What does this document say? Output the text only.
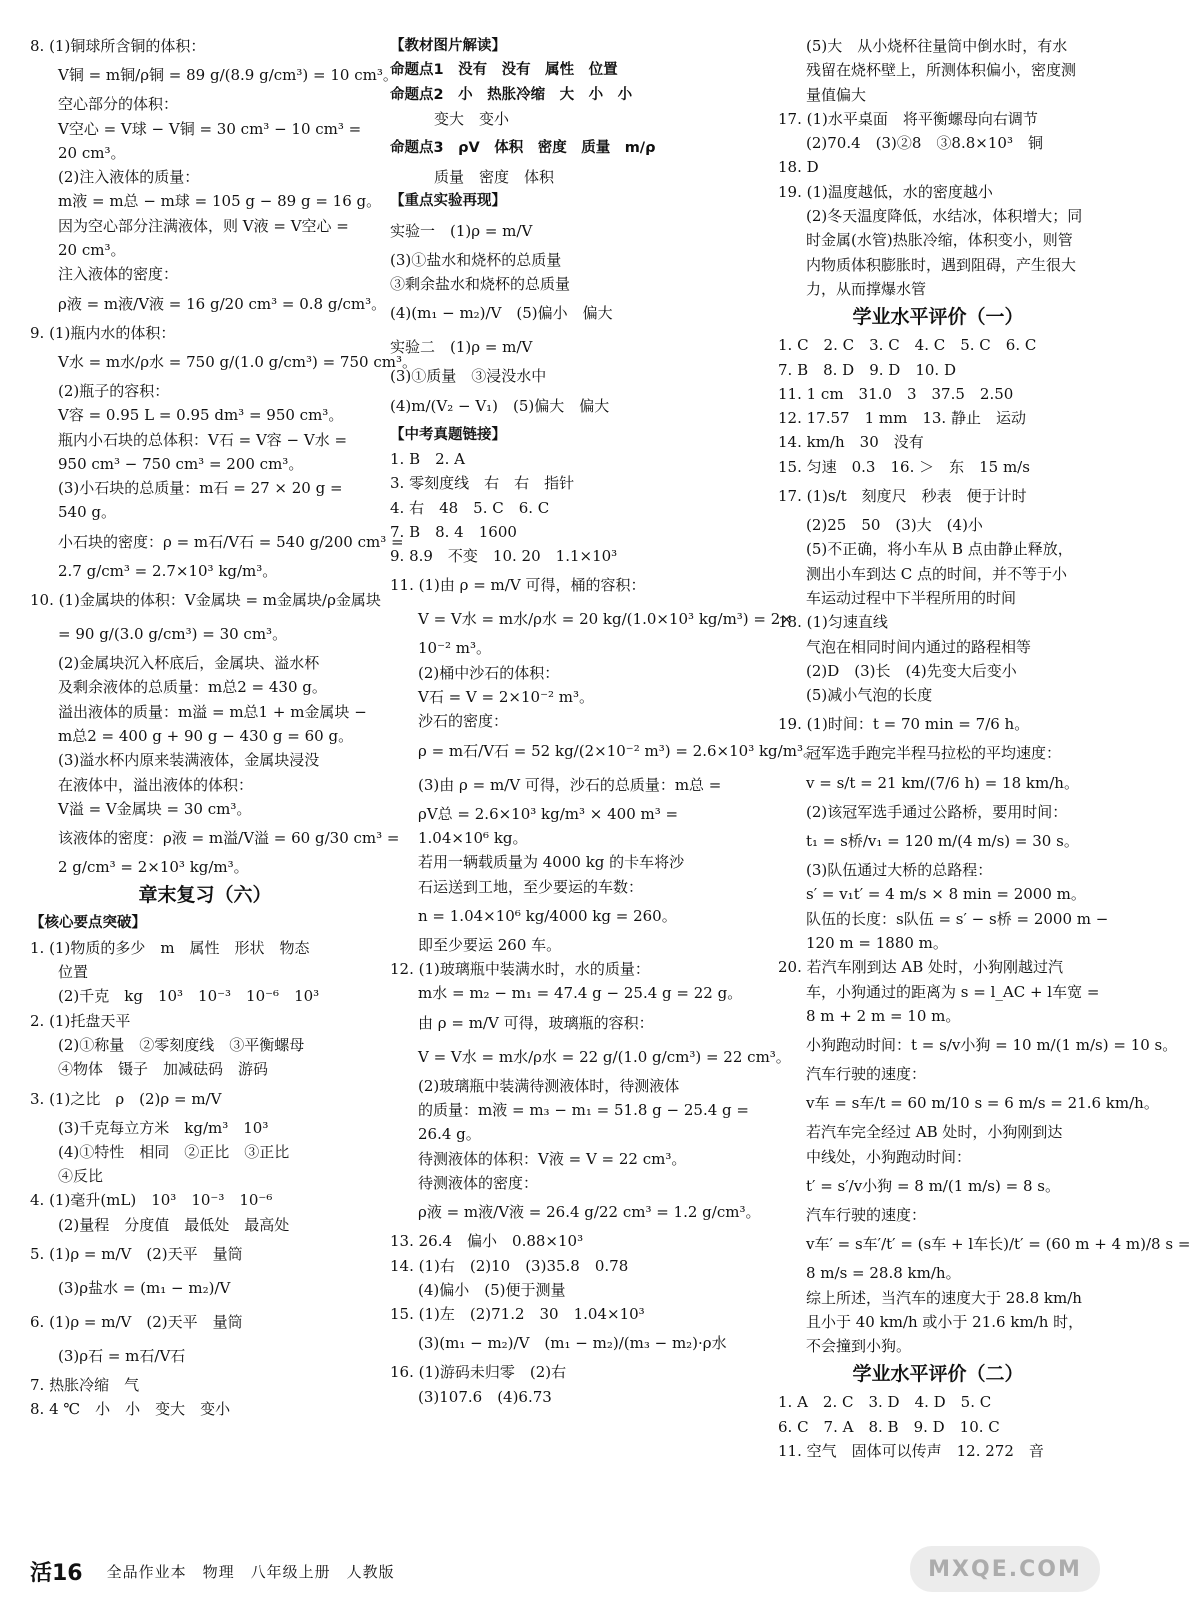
8. (1)铜球所含铜的体积：
V铜 = m铜/ρ铜 = 89 g/(8.9 g/cm³) = 10 cm³。
空心部分的体积：
V空心 = V球 − V铜 = 30 cm³ − 10 cm³ =
20 cm³。
(2)注入液体的质量：
m液 = m总 − m球 = 105 g − 89 g = 16 g。
因为空心部分注满液体，则 V液 = V空心 =
20 cm³。
注入液体的密度：
ρ液 = m液/V液 = 16 g/20 cm³ = 0.8 g/cm³。
9. (1)瓶内水的体积：
V水 = m水/ρ水 = 750 g/(1.0 g/cm³) = 750 cm³。
(2)瓶子的容积：
V容 = 0.95 L = 0.95 dm³ = 950 cm³。
瓶内小石块的总体积：V石 = V容 − V水 =
950 cm³ − 750 cm³ = 200 cm³。
(3)小石块的总质量：m石 = 27 × 20 g =
540 g。
小石块的密度：ρ = m石/V石 = 540 g/200 cm³ =
2.7 g/cm³ = 2.7×10³ kg/m³。
10. (1)金属块的体积：V金属块 = m金属块/ρ金属块
= 90 g/(3.0 g/cm³) = 30 cm³。
(2)金属块沉入杯底后，金属块、溢水杯
及剩余液体的总质量：m总2 = 430 g。
溢出液体的质量：m溢 = m总1 + m金属块 −
m总2 = 400 g + 90 g − 430 g = 60 g。
(3)溢水杯内原来装满液体，金属块浸没
在液体中，溢出液体的体积：
V溢 = V金属块 = 30 cm³。
该液体的密度：ρ液 = m溢/V溢 = 60 g/30 cm³ =
2 g/cm³ = 2×10³ kg/m³。
章末复习（六）
【核心要点突破】
1. (1)物质的多少　m　属性　形状　物态
位置
(2)千克　kg　10³　10⁻³　10⁻⁶　10³
2. (1)托盘天平
(2)①称量　②零刻度线　③平衡螺母
④物体　镊子　加减砝码　游码
3. (1)之比　ρ　(2)ρ = m/V
(3)千克每立方米　kg/m³　10³
(4)①特性　相同　②正比　③正比
④反比
4. (1)毫升(mL)　10³　10⁻³　10⁻⁶
(2)量程　分度值　最低处　最高处
5. (1)ρ = m/V　(2)天平　量筒
(3)ρ盐水 = (m₁ − m₂)/V
6. (1)ρ = m/V　(2)天平　量筒
(3)ρ石 = m石/V石
7. 热胀冷缩　气
8. 4 ℃　小　小　变大　变小
【教材图片解读】
命题点1　没有　没有　属性　位置
命题点2　小　热胀冷缩　大　小　小
变大　变小
命题点3　ρV　体积　密度　质量　m/ρ
质量　密度　体积
【重点实验再现】
实验一　(1)ρ = m/V
(3)①盐水和烧杯的总质量
③剩余盐水和烧杯的总质量
(4)(m₁ − m₂)/V　(5)偏小　偏大
实验二　(1)ρ = m/V
(3)①质量　③浸没水中
(4)m/(V₂ − V₁)　(5)偏大　偏大
【中考真题链接】
1. B　2. A
3. 零刻度线　右　右　指针
4. 右　48　5. C　6. C
7. B　8. 4　1600
9. 8.9　不变　10. 20　1.1×10³
11. (1)由 ρ = m/V 可得，桶的容积：
V = V水 = m水/ρ水 = 20 kg/(1.0×10³ kg/m³) = 2×
10⁻² m³。
(2)桶中沙石的体积：
V石 = V = 2×10⁻² m³。
沙石的密度：
ρ = m石/V石 = 52 kg/(2×10⁻² m³) = 2.6×10³ kg/m³。
(3)由 ρ = m/V 可得，沙石的总质量：m总 =
ρV总 = 2.6×10³ kg/m³ × 400 m³ =
1.04×10⁶ kg。
若用一辆载质量为 4000 kg 的卡车将沙
石运送到工地，至少要运的车数：
n = 1.04×10⁶ kg/4000 kg = 260。
即至少要运 260 车。
12. (1)玻璃瓶中装满水时，水的质量：
m水 = m₂ − m₁ = 47.4 g − 25.4 g = 22 g。
由 ρ = m/V 可得，玻璃瓶的容积：
V = V水 = m水/ρ水 = 22 g/(1.0 g/cm³) = 22 cm³。
(2)玻璃瓶中装满待测液体时，待测液体
的质量：m液 = m₃ − m₁ = 51.8 g − 25.4 g =
26.4 g。
待测液体的体积：V液 = V = 22 cm³。
待测液体的密度：
ρ液 = m液/V液 = 26.4 g/22 cm³ = 1.2 g/cm³。
13. 26.4　偏小　0.88×10³
14. (1)右　(2)10　(3)35.8　0.78
(4)偏小　(5)便于测量
15. (1)左　(2)71.2　30　1.04×10³
(3)(m₁ − m₂)/V　(m₁ − m₂)/(m₃ − m₂)·ρ水
16. (1)游码未归零　(2)右
(3)107.6　(4)6.73
(5)大　从小烧杯往量筒中倒水时，有水
残留在烧杯壁上，所测体积偏小，密度测
量值偏大
17. (1)水平桌面　将平衡螺母向右调节
(2)70.4　(3)②8　③8.8×10³　铜
18. D
19. (1)温度越低，水的密度越小
(2)冬天温度降低，水结冰，体积增大；同
时金属(水管)热胀冷缩，体积变小，则管
内物质体积膨胀时，遇到阻碍，产生很大
力，从而撑爆水管
学业水平评价（一）
1. C　2. C　3. C　4. C　5. C　6. C
7. B　8. D　9. D　10. D
11. 1 cm　31.0　3　37.5　2.50
12. 17.57　1 mm　13. 静止　运动
14. km/h　30　没有
15. 匀速　0.3　16. ＞　东　15 m/s
17. (1)s/t　刻度尺　秒表　便于计时
(2)25　50　(3)大　(4)小
(5)不正确，将小车从 B 点由静止释放，
测出小车到达 C 点的时间，并不等于小
车运动过程中下半程所用的时间
18. (1)匀速直线
气泡在相同时间内通过的路程相等
(2)D　(3)长　(4)先变大后变小
(5)减小气泡的长度
19. (1)时间：t = 70 min = 7/6 h。
冠军选手跑完半程马拉松的平均速度：
v = s/t = 21 km/(7/6 h) = 18 km/h。
(2)该冠军选手通过公路桥，要用时间：
t₁ = s桥/v₁ = 120 m/(4 m/s) = 30 s。
(3)队伍通过大桥的总路程：
s′ = v₁t′ = 4 m/s × 8 min = 2000 m。
队伍的长度：s队伍 = s′ − s桥 = 2000 m −
120 m = 1880 m。
20. 若汽车刚到达 AB 处时，小狗刚越过汽
车，小狗通过的距离为 s = l_AC + l车宽 =
8 m + 2 m = 10 m。
小狗跑动时间：t = s/v小狗 = 10 m/(1 m/s) = 10 s。
汽车行驶的速度：
v车 = s车/t = 60 m/10 s = 6 m/s = 21.6 km/h。
若汽车完全经过 AB 处时，小狗刚到达
中线处，小狗跑动时间：
t′ = s′/v小狗 = 8 m/(1 m/s) = 8 s。
汽车行驶的速度：
v车′ = s车′/t′ = (s车 + l车长)/t′ = (60 m + 4 m)/8 s =
8 m/s = 28.8 km/h。
综上所述，当汽车的速度大于 28.8 km/h
且小于 40 km/h 或小于 21.6 km/h 时，
不会撞到小狗。
学业水平评价（二）
1. A　2. C　3. D　4. D　5. C
6. C　7. A　8. B　9. D　10. C
11. 空气　固体可以传声　12. 272　音
活16 全品作业本　物理　八年级上册　人教版	MXQE.COM
